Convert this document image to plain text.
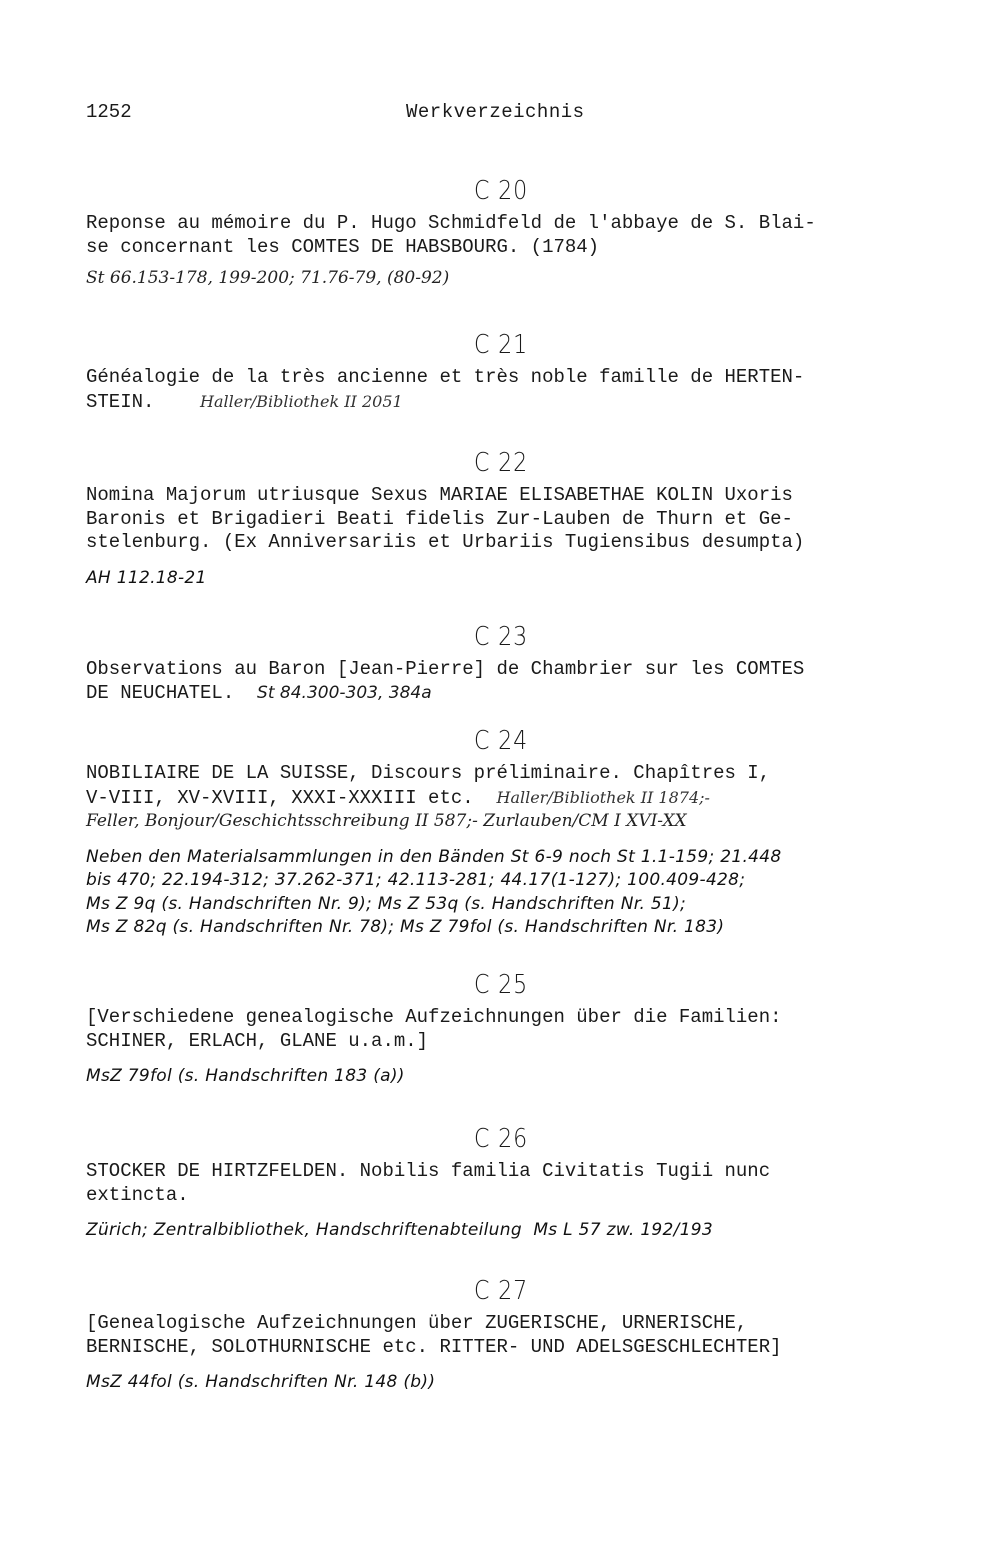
1252	Werkverzeichnis
C 20

Reponse au mémoire du P. Hugo Schmidfeld de l'abbaye de S. Blai-
se concernant les COMTES DE HABSBOURG. (1784)

St 66.153-178, 199-200; 71.76-79, (80-92)

C 21

Généalogie de la très ancienne et très noble famille de HERTEN-
STEIN.	Haller/Bibliothek II 2051

C 22

Nomina Majorum utriusque Sexus MARIAE ELISABETHAE KOLIN Uxoris
Baronis et Brigadieri Beati fidelis Zur-Lauben de Thurn et Ge-
stelenburg. (Ex Anniversariis et Urbariis Tugiensibus desumpta)

AH 112.18-21

C 23

Observations au Baron [Jean-Pierre] de Chambrier sur les COMTES
DE NEUCHATEL. St 84.300-303, 384a

C 24

NOBILIAIRE DE LA SUISSE, Discours préliminaire. Chapîtres I,
V-VIII, XV-XVIII, XXXI-XXXIII etc. Haller/Bibliothek II 1874;-

Feller, Bonjour/Geschichtsschreibung II 587;- Zurlauben/CM I XVI-XX

Neben den Materialsammlungen in den Bänden St 6-9 noch St 1.1-159; 21.448
bis 470; 22.194-312; 37.262-371; 42.113-281; 44.17(1-127); 100.409-428;
Ms Z 9q (s. Handschriften Nr. 9); Ms Z 53q (s. Handschriften Nr. 51);
Ms Z 82q (s. Handschriften Nr. 78); Ms Z 79fol (s. Handschriften Nr. 183)

C 25

[Verschiedene genealogische Aufzeichnungen über die Familien:
SCHINER, ERLACH, GLANE u.a.m.]

MsZ 79fol (s. Handschriften 183 (a))

C 26

STOCKER DE HIRTZFELDEN. Nobilis familia Civitatis Tugii nunc
extincta.

Zürich; Zentralbibliothek, Handschriftenabteilung  Ms L 57 zw. 192/193

C 27

[Genealogische Aufzeichnungen über ZUGERISCHE, URNERISCHE,
BERNISCHE, SOLOTHURNISCHE etc. RITTER- UND ADELSGESCHLECHTER]

MsZ 44fol (s. Handschriften Nr. 148 (b))
